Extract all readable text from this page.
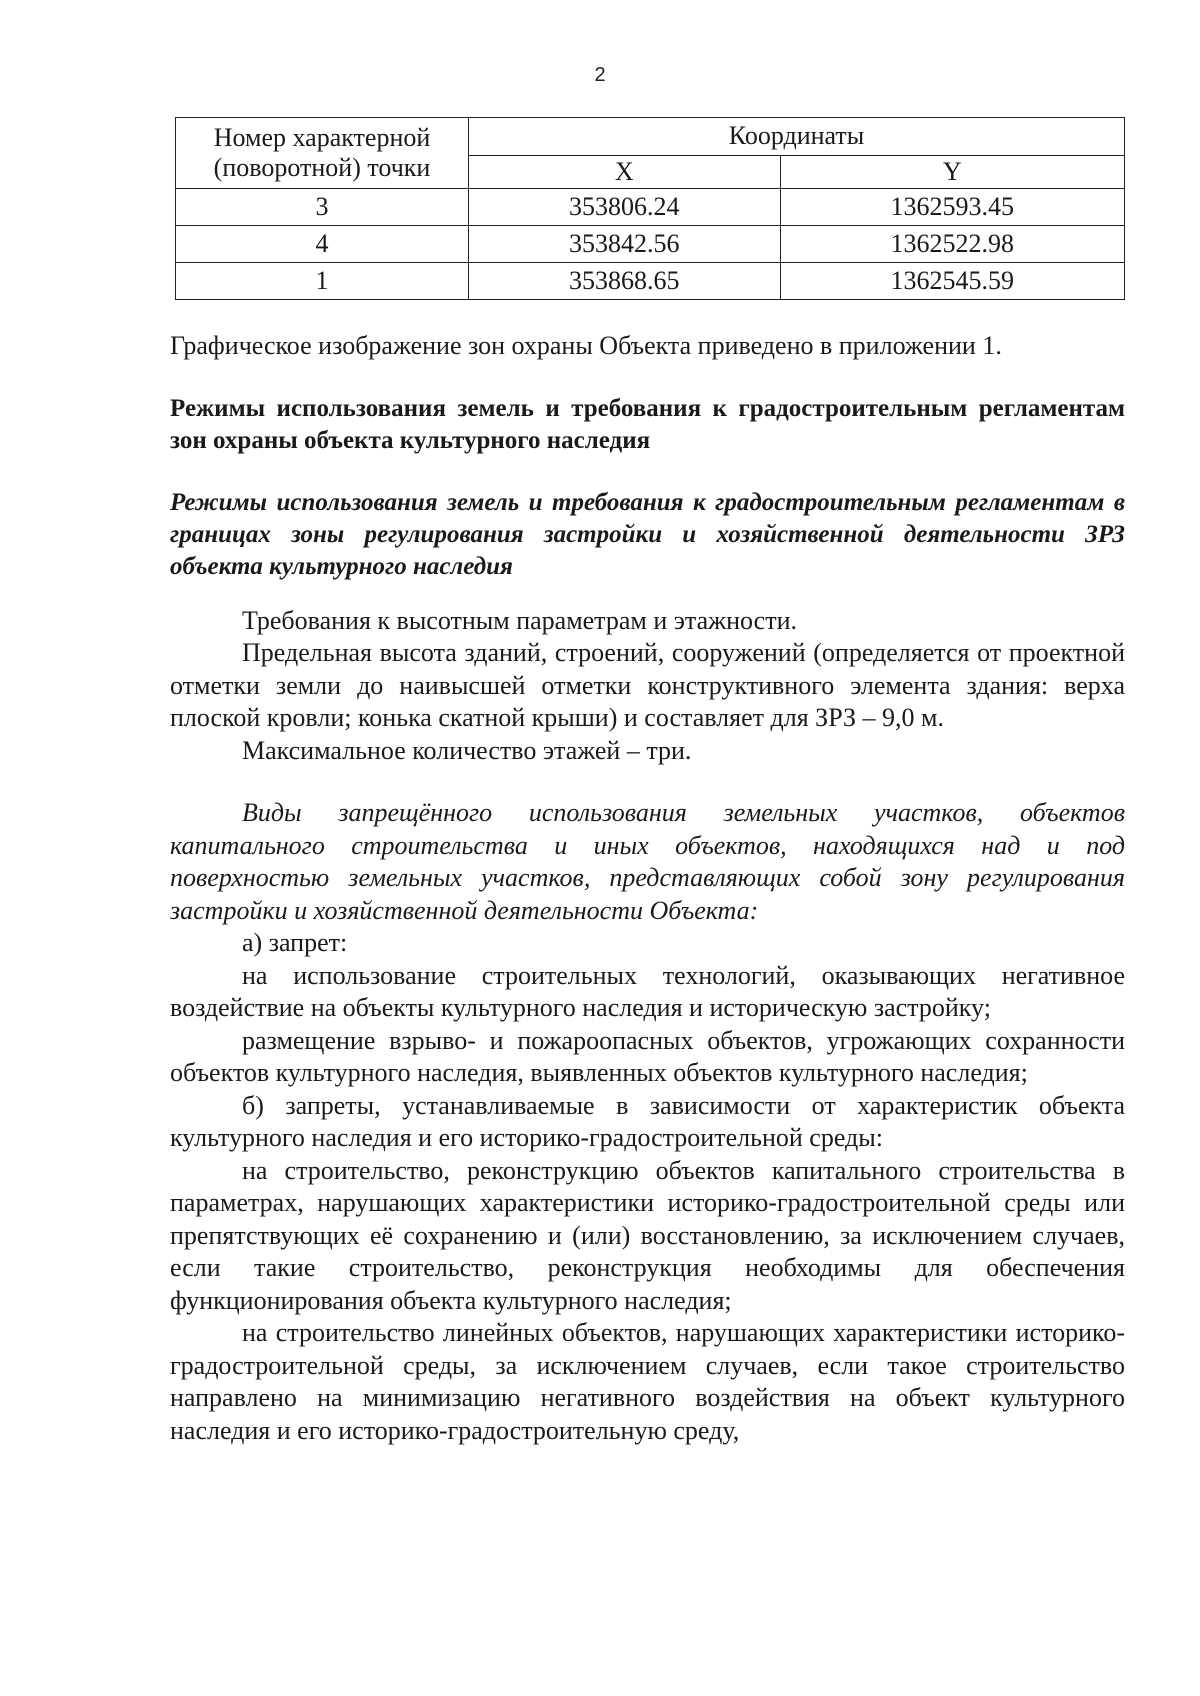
2
Номер характерной (поворотной) точки	Координаты	
	X	Y
3	353806.24	1362593.45
4	353842.56	1362522.98
1	353868.65	1362545.59

Графическое изображение зон охраны Объекта приведено в приложении 1.

Режимы использования земель и требования к градостроительным регламентам зон охраны объекта культурного наследия

Режимы использования земель и требования к градостроительным регламентам в границах зоны регулирования застройки и хозяйственной деятельности ЗРЗ объекта культурного наследия

Требования к высотным параметрам и этажности.

Предельная высота зданий, строений, сооружений (определяется от проектной отметки земли до наивысшей отметки конструктивного элемента здания: верха плоской кровли; конька скатной крыши) и составляет для ЗРЗ – 9,0 м.

Максимальное количество этажей – три.

Виды запрещённого использования земельных участков, объектов капитального строительства и иных объектов, находящихся над и под поверхностью земельных участков, представляющих собой зону регулирования застройки и хозяйственной деятельности Объекта:

а) запрет:

на использование строительных технологий, оказывающих негативное воздействие на объекты культурного наследия и историческую застройку;

размещение взрыво- и пожароопасных объектов, угрожающих сохранности объектов культурного наследия, выявленных объектов культурного наследия;

б) запреты, устанавливаемые в зависимости от характеристик объекта культурного наследия и его историко-градостроительной среды:

на строительство, реконструкцию объектов капитального строительства в параметрах, нарушающих характеристики историко-градостроительной среды или препятствующих её сохранению и (или) восстановлению, за исключением случаев, если такие строительство, реконструкция необходимы для обеспечения функционирования объекта культурного наследия;

на строительство линейных объектов, нарушающих характеристики историко-градостроительной среды, за исключением случаев, если такое строительство направлено на минимизацию негативного воздействия на объект культурного наследия и его историко-градостроительную среду,
